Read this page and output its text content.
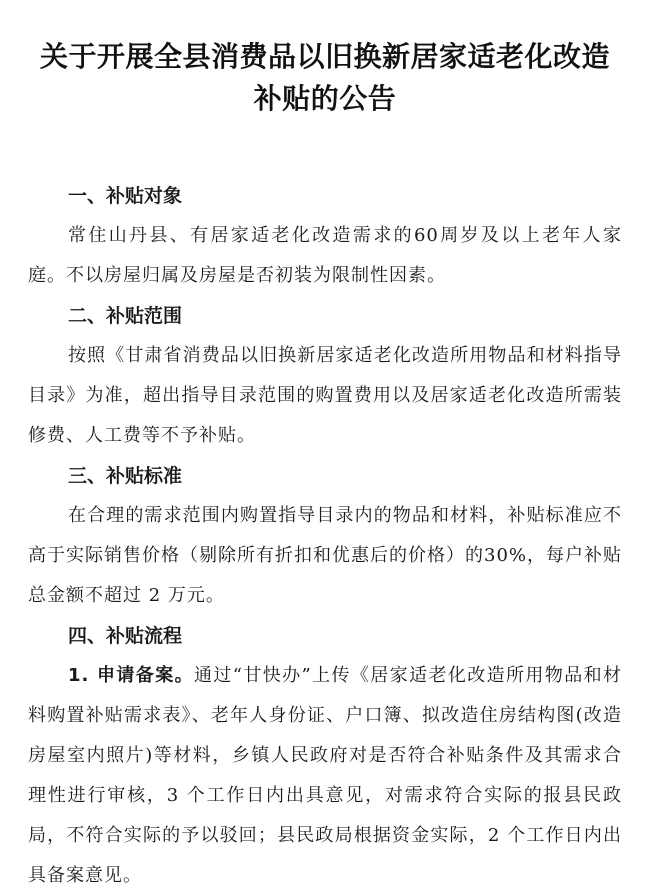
关于开展全县消费品以旧换新居家适老化改造
补贴的公告
一、补贴对象

常住山丹县、有居家适老化改造需求的60周岁及以上老年人家庭。不以房屋归属及房屋是否初装为限制性因素。

二、补贴范围

按照《甘肃省消费品以旧换新居家适老化改造所用物品和材料指导目录》为准，超出指导目录范围的购置费用以及居家适老化改造所需装修费、人工费等不予补贴。

三、补贴标准

在合理的需求范围内购置指导目录内的物品和材料，补贴标准应不高于实际销售价格（剔除所有折扣和优惠后的价格）的30%，每户补贴总金额不超过 2 万元。

四、补贴流程

1. 申请备案。通过“甘快办”上传《居家适老化改造所用物品和材料购置补贴需求表》、老年人身份证、户口簿、拟改造住房结构图(改造房屋室内照片)等材料，乡镇人民政府对是否符合补贴条件及其需求合理性进行审核，3 个工作日内出具意见，对需求符合实际的报县民政局，不符合实际的予以驳回；县民政局根据资金实际，2 个工作日内出具备案意见。
